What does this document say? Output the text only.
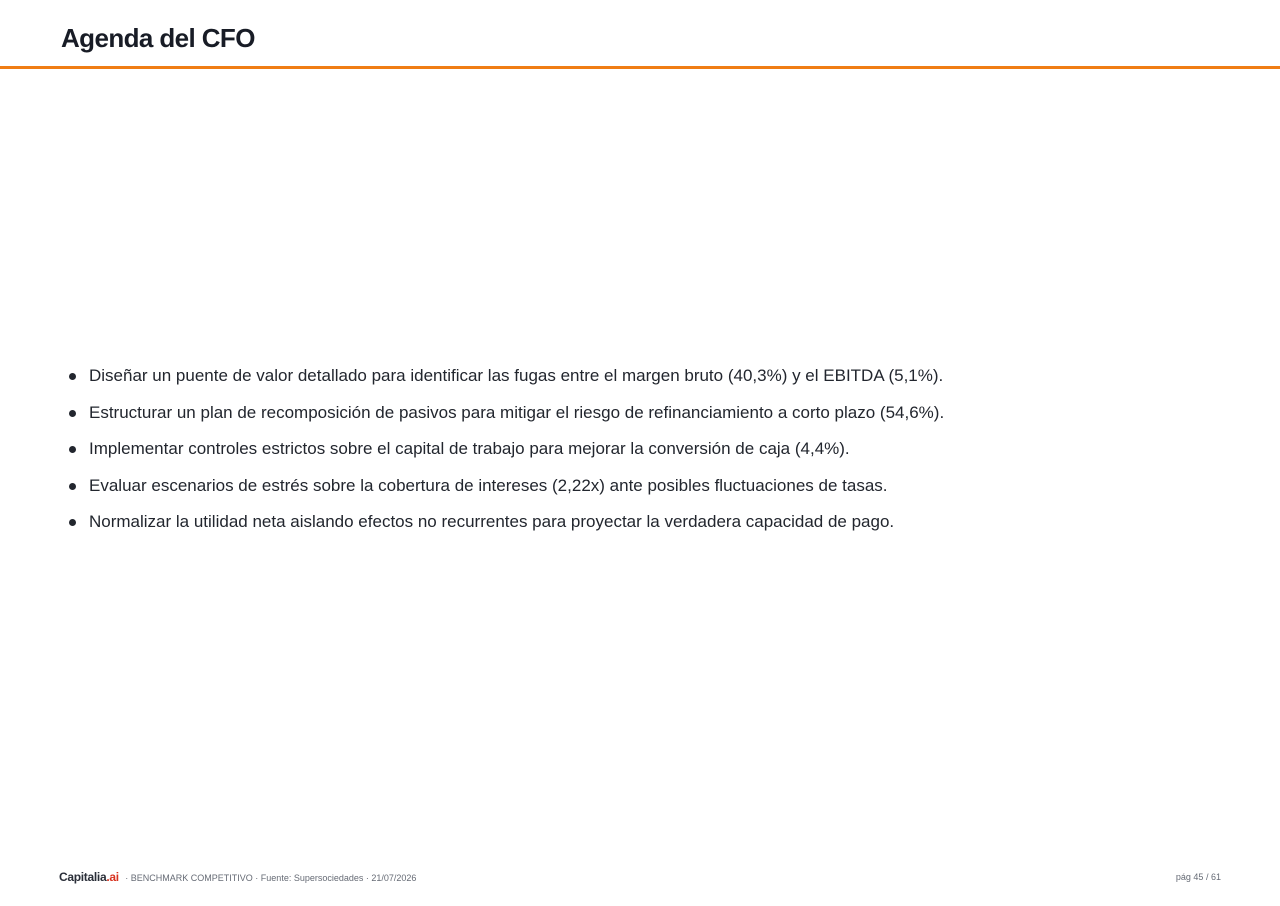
Agenda del CFO
Diseñar un puente de valor detallado para identificar las fugas entre el margen bruto (40,3%) y el EBITDA (5,1%).
Estructurar un plan de recomposición de pasivos para mitigar el riesgo de refinanciamiento a corto plazo (54,6%).
Implementar controles estrictos sobre el capital de trabajo para mejorar la conversión de caja (4,4%).
Evaluar escenarios de estrés sobre la cobertura de intereses (2,22x) ante posibles fluctuaciones de tasas.
Normalizar la utilidad neta aislando efectos no recurrentes para proyectar la verdadera capacidad de pago.
Capitalia.ai · BENCHMARK COMPETITIVO · Fuente: Supersociedades · 21/07/2026	pág 45 / 61
